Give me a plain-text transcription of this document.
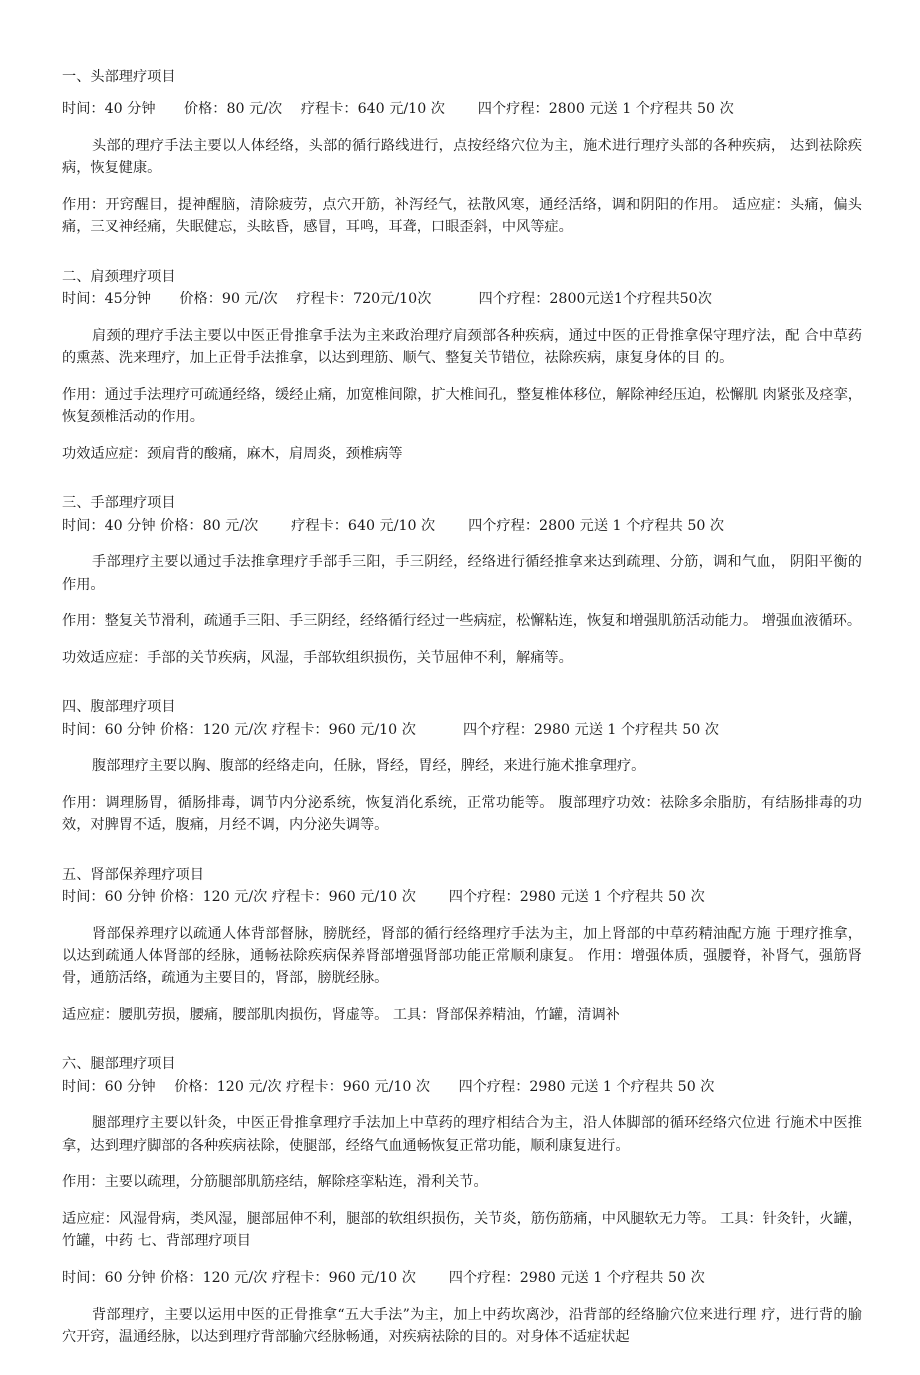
一、头部理疗项目

时间：40 分钟　　价格：80 元/次　 疗程卡：640 元/10 次　　 四个疗程：2800 元送 1 个疗程共 50 次

头部的理疗手法主要以人体经络，头部的循行路线进行，点按经络穴位为主，施术进行理疗头部的各种疾病， 达到祛除疾病，恢复健康。

作用：开窍醒目，提神醒脑，清除疲劳，点穴开筋，补泻经气，祛散风寒，通经活络，调和阴阳的作用。 适应症：头痛，偏头痛，三叉神经痛，失眠健忘，头眩昏，感冒，耳鸣，耳聋，口眼歪斜，中风等症。

二、肩颈理疗项目

时间：45分钟　　价格：90 元/次　 疗程卡：720元/10次　　　 四个疗程：2800元送1个疗程共50次

肩颈的理疗手法主要以中医正骨推拿手法为主来政治理疗肩颈部各种疾病，通过中医的正骨推拿保守理疗法，配 合中草药的熏蒸、洗来理疗，加上正骨手法推拿，以达到理筋、顺气、整复关节错位，祛除疾病，康复身体的目 的。

作用：通过手法理疗可疏通经络，缓经止痛，加宽椎间隙，扩大椎间孔，整复椎体移位，解除神经压迫，松懈肌 肉紧张及痉挛，恢复颈椎活动的作用。

功效适应症：颈肩背的酸痛，麻木，肩周炎，颈椎病等

三、手部理疗项目

时间：40 分钟 价格：80 元/次　　 疗程卡：640 元/10 次　　 四个疗程：2800 元送 1 个疗程共 50 次

手部理疗主要以通过手法推拿理疗手部手三阳，手三阴经，经络进行循经推拿来达到疏理、分筋，调和气血， 阴阳平衡的作用。

作用：整复关节滑利，疏通手三阳、手三阴经，经络循行经过一些病症，松懈粘连，恢复和增强肌筋活动能力。 增强血液循环。

功效适应症：手部的关节疾病，风湿，手部软组织损伤，关节屈伸不利，解痛等。

四、腹部理疗项目

时间：60 分钟 价格：120 元/次 疗程卡：960 元/10 次　　　 四个疗程：2980 元送 1 个疗程共 50 次

腹部理疗主要以胸、腹部的经络走向，任脉，肾经，胃经，脾经，来进行施术推拿理疗。

作用：调理肠胃，循肠排毒，调节内分泌系统，恢复消化系统，正常功能等。 腹部理疗功效：祛除多余脂肪，有结肠排毒的功效，对脾胃不适，腹痛，月经不调，内分泌失调等。

五、肾部保养理疗项目

时间：60 分钟 价格：120 元/次 疗程卡：960 元/10 次　　 四个疗程：2980 元送 1 个疗程共 50 次

肾部保养理疗以疏通人体背部督脉，膀胱经，肾部的循行经络理疗手法为主，加上肾部的中草药精油配方施 于理疗推拿，以达到疏通人体肾部的经脉，通畅祛除疾病保养肾部增强肾部功能正常顺利康复。 作用：增强体质，强腰脊，补肾气，强筋肾骨，通筋活络，疏通为主要目的，肾部，膀胱经脉。

适应症：腰肌劳损，腰痛，腰部肌肉损伤，肾虚等。 工具：肾部保养精油，竹罐，清调补

六、腿部理疗项目

时间：60 分钟　 价格：120 元/次 疗程卡：960 元/10 次　　四个疗程：2980 元送 1 个疗程共 50 次

腿部理疗主要以针灸，中医正骨推拿理疗手法加上中草药的理疗相结合为主，沿人体脚部的循环经络穴位进 行施术中医推拿，达到理疗脚部的各种疾病祛除，使腿部，经络气血通畅恢复正常功能，顺利康复进行。

作用：主要以疏理，分筋腿部肌筋痉结，解除痉挛粘连，滑利关节。

适应症：风湿骨病，类风湿，腿部屈伸不利，腿部的软组织损伤，关节炎，筋伤筋痛，中风腿软无力等。 工具：针灸针，火罐，竹罐，中药 七、背部理疗项目

时间：60 分钟 价格：120 元/次 疗程卡：960 元/10 次　　 四个疗程：2980 元送 1 个疗程共 50 次

背部理疗，主要以运用中医的正骨推拿“五大手法”为主，加上中药坎离沙，沿背部的经络腧穴位来进行理 疗，进行背的腧穴开窍，温通经脉，以达到理疗背部腧穴经脉畅通，对疾病祛除的目的。对身体不适症状起
